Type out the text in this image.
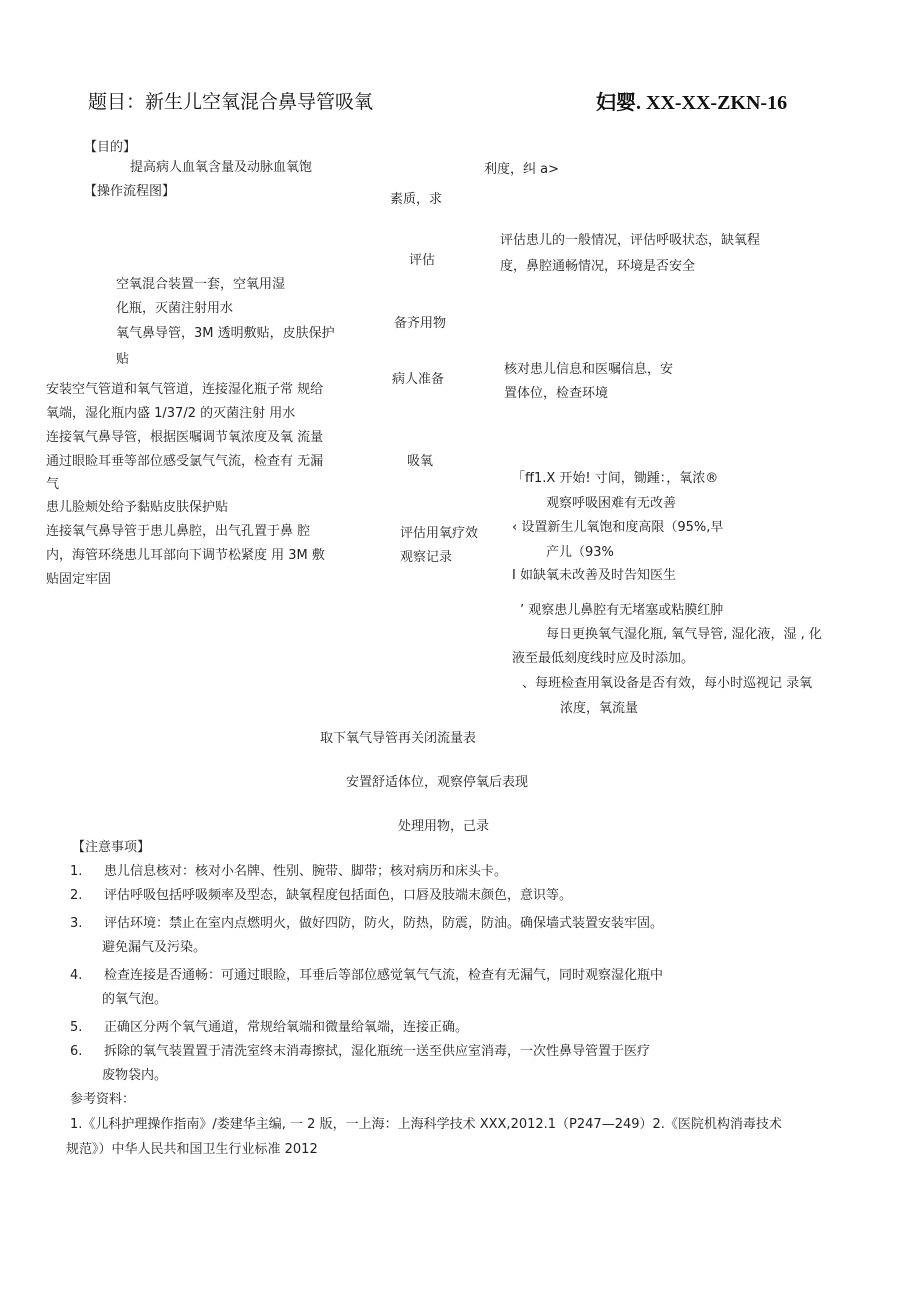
题目：新生儿空氧混合鼻导管吸氧	妇婴. XX-XX-ZKN-16
【目的】
提高病人血氧含量及动脉血氧饱	利度，纠 a>
【操作流程图】
素质，求
评估
备齐用物
病人准备
吸氧
评估用氧疗效
观察记录
评估患儿的一般情况，评估呼吸状态，缺氧程
度，鼻腔通畅情况，环境是否安全
空氧混合装置一套，空氧用湿
化瓶，灭菌注射用水
氧气鼻导管，3M 透明敷贴，皮肤保护
贴
核对患儿信息和医嘱信息，安
置体位，检查环境
安装空气管道和氧气管道，连接湿化瓶子常 规给
氧端，湿化瓶内盛 1/37/2 的灭菌注射 用水
连接氧气鼻导管，根据医嘱调节氧浓度及氧 流量
通过眼睑耳垂等部位感受氯气气流，检查有 无漏
气
患儿脸颊处给予黏贴皮肤保护贴
连接氧气鼻导管于患儿鼻腔，出气孔置于鼻 腔
内，海管环绕患儿耳部向下调节松紧度 用 3M 敷
贴固定牢固
「ff1.X 开始! 寸间，锄踵：，氧浓®
观察呼吸困难有无改善
‹ 设置新生儿氧饱和度高限（95%,早
产儿（93%
I 如缺氧未改善及时告知医生
’ 观察患儿鼻腔有无堵塞或粘膜红肿
每日更换氧气湿化瓶, 氧气导管, 湿化液，湿 , 化
液至最低刻度线时应及时添加。
、每班检查用氧设备是否有效，每小时巡视记 录氧
浓度，氧流量
取下氧气导管再关闭流量表
安置舒适体位，观察停氧后表现
处理用物，己录
【注意事项】
1. 患儿信息核对：核对小名牌、性别、腕带、脚带；核对病历和床头卡。
2. 评估呼吸包括呼吸频率及型态，缺氧程度包括面色，口唇及肢端末颜色，意识等。
3. 评估环境：禁止在室内点燃明火，做好四防，防火，防热，防震，防油。确保墙式装置安装牢固。
避免漏气及污染。
4. 检查连接是否通畅：可通过眼睑，耳垂后等部位感觉氧气气流，检查有无漏气，同时观察湿化瓶中
的氧气泡。
5. 正确区分两个氧气通道，常规给氧端和微量给氧端，连接正确。
6. 拆除的氧气装置置于清洗室终末消毒擦拭，湿化瓶统一送至供应室消毒，一次性鼻导管置于医疗
废物袋内。
参考资料：
1.《儿科护理操作指南》/娄建华主编, 一 2 版，一上海：上海科学技术 XXX,2012.1（P247—249）2.《医院机构消毒技术
规范》）中华人民共和国卫生行业标准 2012
